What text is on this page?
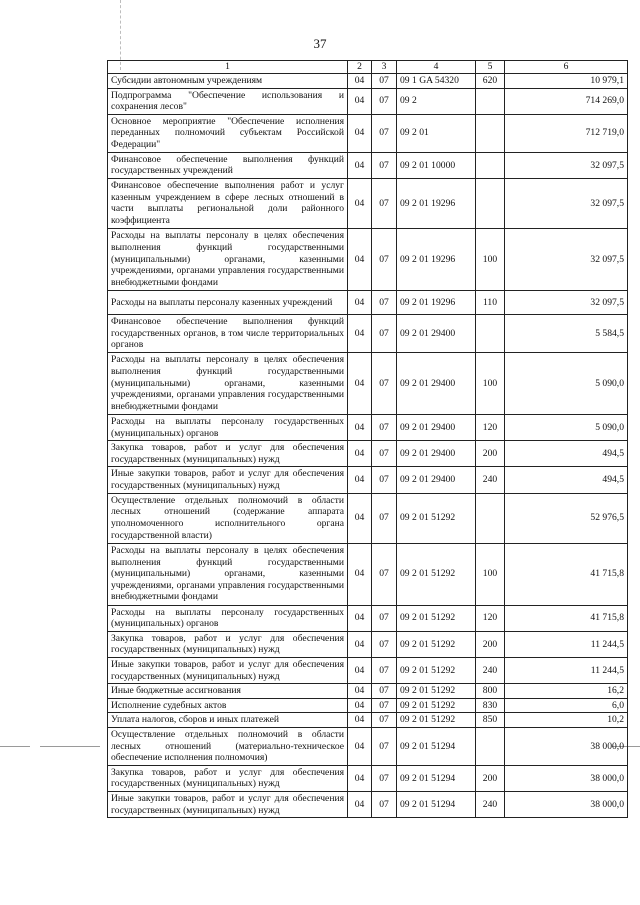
37
1	2	3	4	5	6
Субсидии автономным учреждениям	04	07	09 1 GA 54320	620	10 979,1
Подпрограмма "Обеспечение использования и сохранения лесов"	04	07	09 2		714 269,0
Основное мероприятие "Обеспечение исполнения переданных полномочий субъектам Российской Федерации"	04	07	09 2 01		712 719,0
Финансовое обеспечение выполнения функций государственных учреждений	04	07	09 2 01 10000		32 097,5
Финансовое обеспечение выполнения работ и услуг казенным учреждением в сфере лесных отношений в части выплаты региональной доли районного коэффициента	04	07	09 2 01 19296		32 097,5
Расходы на выплаты персоналу в целях обеспечения выполнения функций государственными (муниципальными) органами, казенными учреждениями, органами управления государственными внебюджетными фондами	04	07	09 2 01 19296	100	32 097,5
Расходы на выплаты персоналу казенных учреждений	04	07	09 2 01 19296	110	32 097,5
Финансовое обеспечение выполнения функций государственных органов, в том числе территориальных органов	04	07	09 2 01 29400		5 584,5
Расходы на выплаты персоналу в целях обеспечения выполнения функций государственными (муниципальными) органами, казенными учреждениями, органами управления государственными внебюджетными фондами	04	07	09 2 01 29400	100	5 090,0
Расходы на выплаты персоналу государственных (муниципальных) органов	04	07	09 2 01 29400	120	5 090,0
Закупка товаров, работ и услуг для обеспечения государственных (муниципальных) нужд	04	07	09 2 01 29400	200	494,5
Иные закупки товаров, работ и услуг для обеспечения государственных (муниципальных) нужд	04	07	09 2 01 29400	240	494,5
Осуществление отдельных полномочий в области лесных отношений (содержание аппарата уполномоченного исполнительного органа государственной власти)	04	07	09 2 01 51292		52 976,5
Расходы на выплаты персоналу в целях обеспечения выполнения функций государственными (муниципальными) органами, казенными учреждениями, органами управления государственными внебюджетными фондами	04	07	09 2 01 51292	100	41 715,8
Расходы на выплаты персоналу государственных (муниципальных) органов	04	07	09 2 01 51292	120	41 715,8
Закупка товаров, работ и услуг для обеспечения государственных (муниципальных) нужд	04	07	09 2 01 51292	200	11 244,5
Иные закупки товаров, работ и услуг для обеспечения государственных (муниципальных) нужд	04	07	09 2 01 51292	240	11 244,5
Иные бюджетные ассигнования	04	07	09 2 01 51292	800	16,2
Исполнение судебных актов	04	07	09 2 01 51292	830	6,0
Уплата налогов, сборов и иных платежей	04	07	09 2 01 51292	850	10,2
Осуществление отдельных полномочий в области лесных отношений (материально-техническое обеспечение исполнения полномочия)	04	07	09 2 01 51294		38 000,0
Закупка товаров, работ и услуг для обеспечения государственных (муниципальных) нужд	04	07	09 2 01 51294	200	38 000,0
Иные закупки товаров, работ и услуг для обеспечения государственных (муниципальных) нужд	04	07	09 2 01 51294	240	38 000,0
